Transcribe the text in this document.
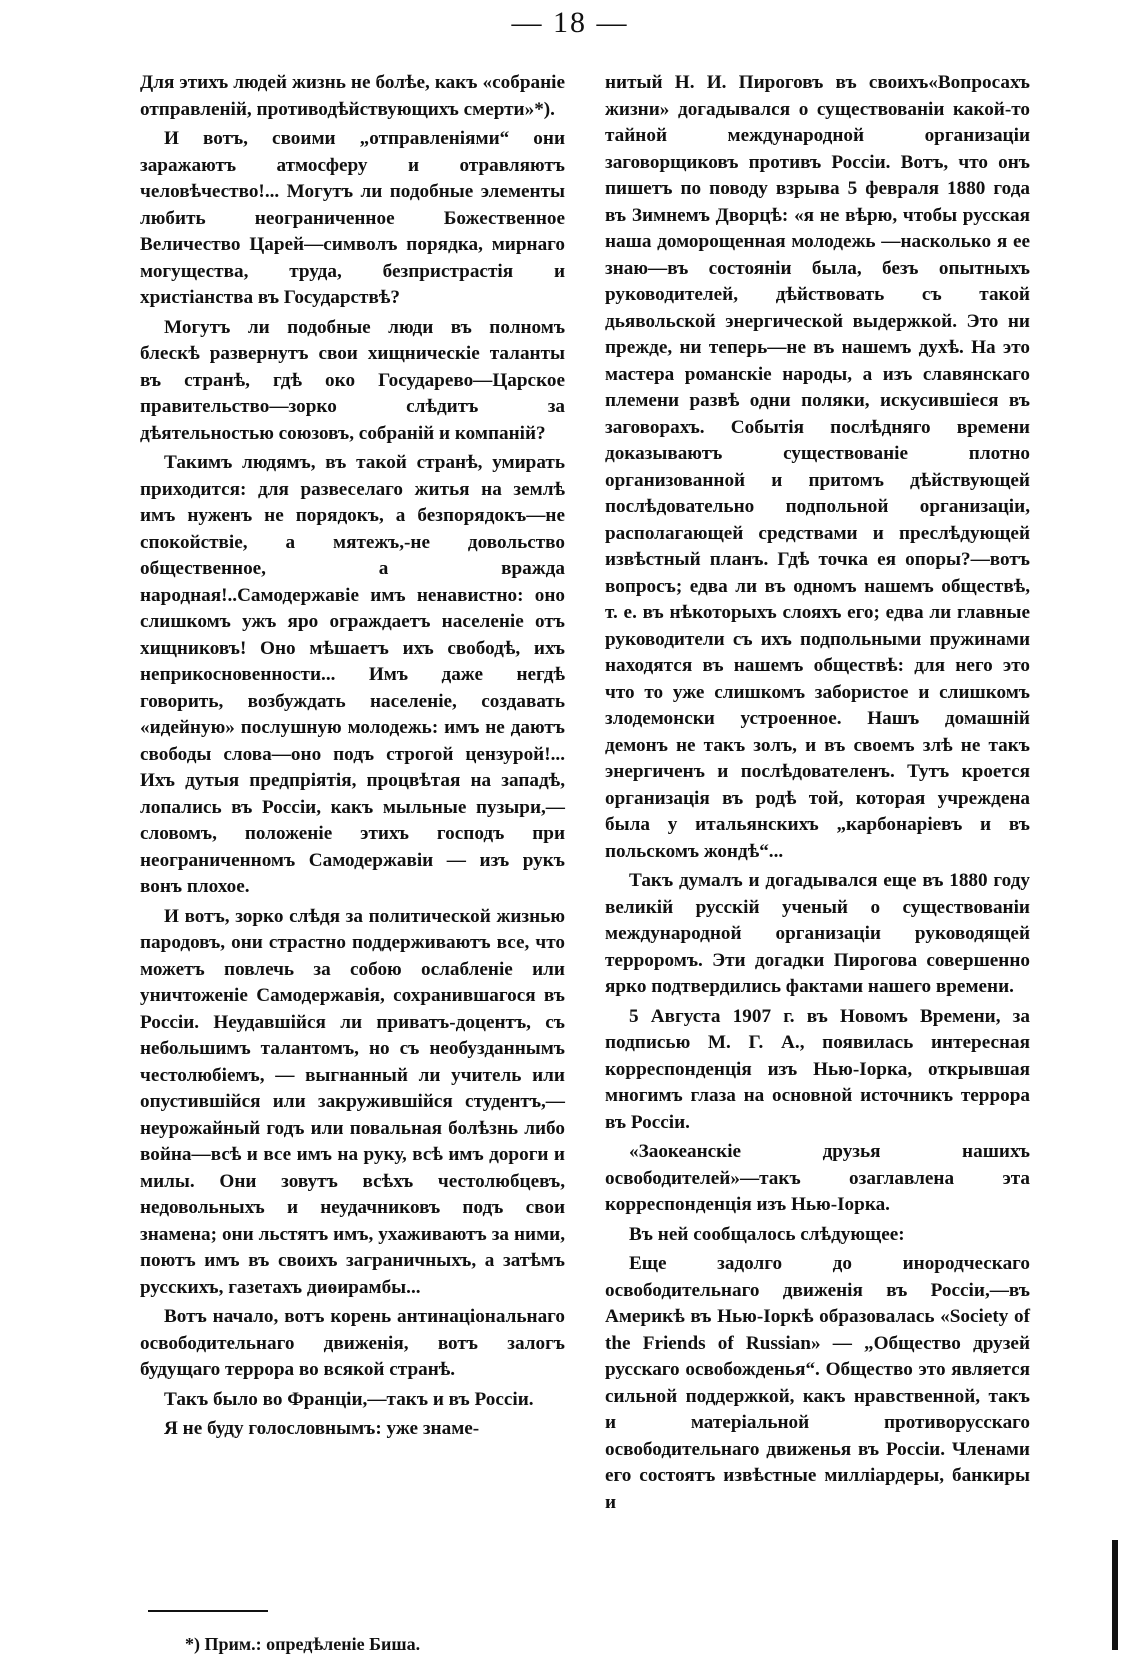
— 18 —

Для этихъ людей жизнь не болѣе, какъ «собраніе отправленій, противодѣйствующихъ смерти»*).

И вотъ, своими „отправленіями“ они заражаютъ атмосферу и отравляютъ человѣчество!... Могутъ ли подобные элементы любить неограниченное Божественное Величество Царей—символъ порядка, мирнаго могущества, труда, безпристрастія и христіанства въ Государствѣ?

Могутъ ли подобные люди въ полномъ блескѣ развернутъ свои хищническіе таланты въ странѣ, гдѣ око Государево—Царское правительство—зорко слѣдитъ за дѣятельностью союзовъ, собраній и компаній?

Такимъ людямъ, въ такой странѣ, умирать приходится: для развеселаго житья на землѣ имъ нуженъ не порядокъ, а безпорядокъ—не спокойствіе, а мятежъ,-не довольство общественное, а вражда народная!..Самодержавіе имъ ненавистно: оно слишкомъ ужъ яро ограждаетъ населеніе отъ хищниковъ! Оно мѣшаетъ ихъ свободѣ, ихъ неприкосновенности... Имъ даже негдѣ говорить, возбуждать населеніе, создавать «идейную» послушную молодежь: имъ не даютъ свободы слова—оно подъ строгой цензурой!... Ихъ дутыя предпріятія, процвѣтая на западѣ, лопались въ Россіи, какъ мыльные пузыри,—словомъ, положеніе этихъ господъ при неограниченномъ Самодержавіи — изъ рукъ вонъ плохое.

И вотъ, зорко слѣдя за политической жизнью пародовъ, они страстно поддерживаютъ все, что можетъ повлечь за собою ослабленіе или уничтоженіе Самодержавія, сохранившагося въ Россіи. Неудавшійся ли приватъ-доцентъ, съ небольшимъ талантомъ, но съ необузданнымъ честолюбіемъ, — выгнанный ли учитель или опустившійся или закружившійся студентъ,—неурожайный годъ или повальная болѣзнь либо война—всѣ и все имъ на руку, всѣ имъ дороги и милы. Они зовутъ всѣхъ честолюбцевъ, недовольныхъ и неудачниковъ подъ свои знамена; они льстятъ имъ, ухаживаютъ за ними, поютъ имъ въ своихъ заграничныхъ, а затѣмъ русскихъ, газетахъ диѳирамбы...

Вотъ начало, вотъ корень антинаціональнаго освободительнаго движенія, вотъ залогъ будущаго террора во всякой странѣ.

Такъ было во Франціи,—такъ и въ Россіи.

Я не буду голословнымъ: уже знаме-

нитый Н. И. Пироговъ въ своихъ«Вопросахъ жизни» догадывался о существованіи какой-то тайной международной организаціи заговорщиковъ противъ Россіи. Вотъ, что онъ пишетъ по поводу взрыва 5 февраля 1880 года въ Зимнемъ Дворцѣ: «я не вѣрю, чтобы русская наша доморощенная молодежь —насколько я ее знаю—въ состояніи была, безъ опытныхъ руководителей, дѣйствовать съ такой дьявольской энергической выдержкой. Это ни прежде, ни теперь—не въ нашемъ духѣ. На это мастера романскіе народы, а изъ славянскаго племени развѣ одни поляки, искусившіеся въ заговорахъ. Событія послѣдняго времени доказываютъ существованіе плотно организованной и притомъ дѣйствующей послѣдовательно подпольной организаціи, располагающей средствами и преслѣдующей извѣстный планъ. Гдѣ точка ея опоры?—вотъ вопросъ; едва ли въ одномъ нашемъ обществѣ, т. е. въ нѣкоторыхъ слояхъ его; едва ли главные руководители съ ихъ подпольными пружинами находятся въ нашемъ обществѣ: для него это что то уже слишкомъ забористое и слишкомъ злодемонски устроенное. Нашъ домашній демонъ не такъ золъ, и въ своемъ злѣ не такъ энергиченъ и послѣдователенъ. Тутъ кроется организація въ родѣ той, которая учреждена была у итальянскихъ „карбонаріевъ и въ польскомъ жондѣ“...

Такъ думалъ и догадывался еще въ 1880 году великій русскій ученый о существованіи международной организаціи руководящей терроромъ. Эти догадки Пирогова совершенно ярко подтвердились фактами нашего времени.

5 Августа 1907 г. въ Новомъ Времени, за подписью М. Г. А., появилась интересная корреспонденція изъ Нью-Іорка, открывшая многимъ глаза на основной источникъ террора въ Россіи.

«Заокеанскіе друзья нашихъ освободителей»—такъ озаглавлена эта корреспонденція изъ Нью-Іорка.

Въ ней сообщалось слѣдующее:

Еще задолго до инородческаго освободительнаго движенія въ Россіи,—въ Америкѣ въ Нью-Іоркѣ образовалась «Society of the Friends of Russian» — „Общество друзей русскаго освобожденья“. Общество это является сильной поддержкой, какъ нравственной, такъ и матеріальной противорусскаго освободительнаго движенья въ Россіи. Членами его состоятъ извѣстные милліардеры, банкиры и

*) Прим.: опредѣленіе Биша.
